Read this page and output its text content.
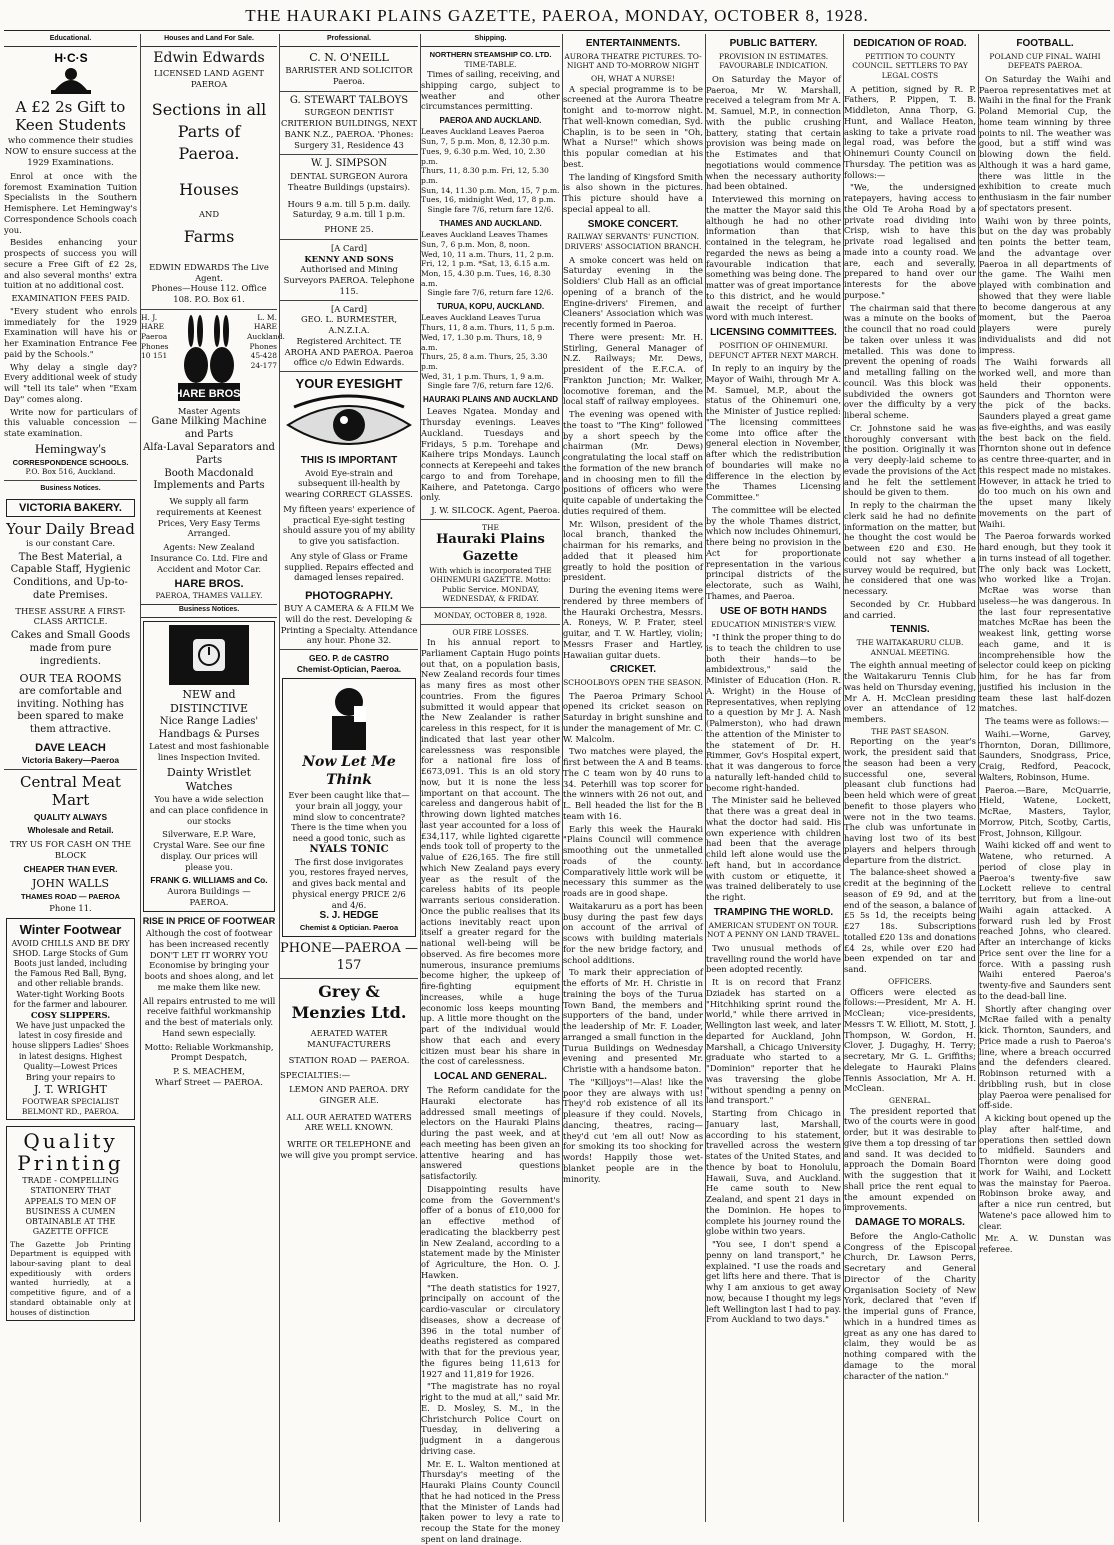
THE HAURAKI PLAINS GAZETTE, PAEROA, MONDAY, OCTOBER 8, 1928.
Educational.
H·C·S
A £2 2s Gift to Keen Students
who commence their studies NOW to ensure success at the 1929 Examinations.

Enrol at once with the foremost Examination Tuition Specialists in the Southern Hemisphere. Let Hemingway's Correspondence Schools coach you.

Besides enhancing your prospects of success you will secure a Free Gift of £2 2s, and also several months' extra tuition at no additional cost.

EXAMINATION FEES PAID.

"Every student who enrols immediately for the 1929 Examination will have his or her Examination Entrance Fee paid by the Schools."

Why delay a single day? Every additional week of study will "tell its tale" when "Exam Day" comes along.

Write now for particulars of this valuable concession — state examination.

Hemingway's
CORRESPONDENCE SCHOOLS.
P.O. Box 516, Auckland.
Business Notices.
VICTORIA BAKERY.
Your Daily Bread
is our constant Care.
The Best Material, a Capable Staff, Hygienic Conditions, and Up-to-date Premises.
THESE ASSURE A FIRST-CLASS ARTICLE.
Cakes and Small Goods made from pure ingredients.
OUR TEA ROOMS
are comfortable and inviting. Nothing has been spared to make them attractive.
DAVE LEACH
Victoria Bakery—Paeroa
Central Meat Mart
QUALITY ALWAYS
Wholesale and Retail.
TRY US FOR CASH ON THE BLOCK
CHEAPER THAN EVER.
JOHN WALLS
THAMES ROAD — PAEROA
Phone 11.
Winter Footwear
AVOID CHILLS AND BE DRY SHOD. Large Stocks of Gum Boots just landed, including the Famous Red Ball, Byng, and other reliable brands. Water-tight Working Boots for the farmer and labourer.
COSY SLIPPERS.
We have just unpacked the latest in cosy fireside and house slippers Ladies' Shoes in latest designs. Highest Quality—Lowest Prices
Bring your repairs to
J. T. WRIGHT
FOOTWEAR SPECIALIST BELMONT RD., PAEROA.
Quality Printing
TRADE - COMPELLING STATIONERY THAT APPEALS TO MEN OF BUSINESS A CUMEN OBTAINABLE AT THE GAZETTE OFFICE
The Gazette Job Printing Department is equipped with labour-saving plant to deal expeditiously with orders wanted hurriedly, at a competitive figure, and of a standard obtainable only at houses of distinction
Houses and Land For Sale.
Edwin Edwards
LICENSED LAND AGENT PAEROA
Sections in all Parts of Paeroa.
Houses
AND
Farms
EDWIN EDWARDS The Live Agent.
Phones—House 112. Office 108. P.O. Box 61.
H. J. HARE Paeroa Phones 10 151
HARE BROS.
L. M. HARE Auckland. Phones 45-428 24-177
Master Agents
Gane Milking Machine and Parts
Alfa-Laval Separators and Parts
Booth Macdonald Implements and Parts
We supply all farm requirements at Keenest Prices, Very Easy Terms Arranged.
Agents: New Zealand Insurance Co. Ltd. Fire and Accident and Motor Car.
HARE BROS.
PAEROA, THAMES VALLEY.
Business Notices.
NEW and DISTINCTIVE
Nice Range Ladies' Handbags & Purses
Latest and most fashionable lines Inspection Invited.
Dainty Wristlet Watches
You have a wide selection and can place confidence in our stocks
Silverware, E.P. Ware, Crystal Ware. See our fine display. Our prices will please you.
FRANK G. WILLIAMS and Co.
Aurora Buildings — PAEROA.
RISE IN PRICE OF FOOTWEAR
Although the cost of footwear has been increased recently DON'T LET IT WORRY YOU Economise by bringing your boots and shoes along, and let me make them like new.
All repairs entrusted to me will receive faithful workmanship and the best of materials only. Hand sewn especially.
Motto: Reliable Workmanship, Prompt Despatch,
P. S. MEACHEM,
Wharf Street — PAEROA.
Professional.
C. N. O'NEILL
BARRISTER AND SOLICITOR Paeroa.
G. STEWART TALBOYS
SURGEON DENTIST CRITERION BUILDINGS, NEXT BANK N.Z., PAEROA. 'Phones: Surgery 31, Residence 43
W. J. SIMPSON
DENTAL SURGEON Aurora Theatre Buildings (upstairs).
Hours 9 a.m. till 5 p.m. daily. Saturday, 9 a.m. till 1 p.m.
PHONE 25.
[A Card]
KENNY AND SONS
Authorised and Mining Surveyors PAEROA. Telephone 115.
[A Card]
GEO. L. BURMESTER, A.N.Z.I.A.
Registered Architect. TE AROHA AND PAEROA. Paeroa office c/o Edwin Edwards.
YOUR EYESIGHT
THIS IS IMPORTANT
Avoid Eye-strain and subsequent ill-health by wearing CORRECT GLASSES.
My fifteen years' experience of practical Eye-sight testing should assure you of my ability to give you satisfaction.
Any style of Glass or Frame supplied. Repairs effected and damaged lenses repaired.
PHOTOGRAPHY.
BUY A CAMERA & A FILM We will do the rest. Developing & Printing a Specialty. Attendance any hour. Phone 32.
GEO. P. de CASTRO
Chemist-Optician, Paeroa.
Now Let Me Think
Ever been caught like that—your brain all joggy, your mind slow to concentrate? There is the time when you need a good tonic, such as
NYALS TONIC
The first dose invigorates you, restores frayed nerves, and gives back mental and physical energy PRICE 2/6 and 4/6.
S. J. HEDGE
Chemist & Optician. Paeroa
PHONE—PAEROA — 157
Grey & Menzies Ltd.
AERATED WATER MANUFACTURERS
STATION ROAD — PAEROA.
SPECIALTIES:—
LEMON AND PAEROA. DRY GINGER ALE.
ALL OUR AERATED WATERS ARE WELL KNOWN.
WRITE OR TELEPHONE and we will give you prompt service.
Shipping.
NORTHERN STEAMSHIP CO. LTD.
TIME-TABLE.

Times of sailing, receiving, and shipping cargo, subject to weather and other circumstances permitting.

PAEROA AND AUCKLAND.
Leaves Auckland Leaves Paeroa
Sun, 7, 5 p.m. Mon, 8, 12.30 p.m.
Tues, 9, 6.30 p.m. Wed, 10, 2.30 p.m.
Thurs, 11, 8.30 p.m. Fri, 12, 5.30 p.m.
Sun, 14, 11.30 p.m. Mon, 15, 7 p.m.
Tues, 16, midnight Wed, 17, 8 p.m.
Single fare 7/6, return fare 12/6.
THAMES AND AUCKLAND.
Leaves Auckland Leaves Thames
Sun, 7, 6 p.m. Mon, 8, noon.
Wed, 10, 11 a.m. Thurs, 11, 2 p.m.
Fri, 12, 1 p.m. *Sat, 13, 6.15 a.m.
Mon, 15, 4.30 p.m. Tues, 16, 8.30 a.m.
Single fare 7/6, return fare 12/6.
TURUA, KOPU, AUCKLAND.
Leaves Auckland Leaves Turua
Thurs, 11, 8 a.m. Thurs, 11, 5 p.m.
Wed, 17, 1.30 p.m. Thurs, 18, 9 a.m.
Thurs, 25, 8 a.m. Thurs, 25, 3.30 p.m.
Wed, 31, 1 p.m. Thurs, 1, 9 a.m.
Single fare 7/6, return fare 12/6.
HAURAKI PLAINS AND AUCKLAND

Leaves Ngatea. Monday and Thursday evenings. Leaves Auckland. Tuesdays and Fridays, 5 p.m. Torehape and Kaihere trips Mondays. Launch connects at Kerepeehi and takes cargo to and from Torehape, Kaihere, and Patetonga. Cargo only.

J. W. SILCOCK. Agent, Paeroa.
THE
Hauraki Plains Gazette
With which is incorporated THE OHINEMURI GAZETTE. Motto: Public Service. MONDAY, WEDNESDAY, & FRIDAY.
MONDAY, OCTOBER 8, 1928.
OUR FIRE LOSSES.

In his annual report to Parliament Captain Hugo points out that, on a population basis, New Zealand records four times as many fires as most other countries. From the figures submitted it would appear that the New Zealander is rather careless in this respect, for it is indicated that last year other carelessness was responsible for a national fire loss of £673,091. This is an old story now, but it is none the less important on that account. The careless and dangerous habit of throwing down lighted matches last year accounted for a loss of £34,117, while lighted cigarette ends took toll of property to the value of £26,165. The fire still which New Zealand pays every year as the result of the careless habits of its people warrants serious consideration. Once the public realises that its actions inevitably react upon itself a greater regard for the national well-being will be observed. As fire becomes more numerous, insurance premiums become higher, the upkeep of fire-fighting equipment increases, while a huge economic loss keeps mounting up. A little more thought on the part of the individual would show that each and every citizen must bear his share in the cost of carelessness.

LOCAL AND GENERAL.

The Reform candidate for the Hauraki electorate has addressed small meetings of electors on the Hauraki Plains during the past week, and at each meeting has been given an attentive hearing and has answered questions satisfactorily.

Disappointing results have come from the Government's offer of a bonus of £10,000 for an effective method of eradicating the blackberry pest in New Zealand, according to a statement made by the Minister of Agriculture, the Hon. O. J. Hawken.

"The death statistics for 1927, principally on account of the cardio-vascular or circulatory diseases, show a decrease of 396 in the total number of deaths registered as compared with that for the previous year, the figures being 11,613 for 1927 and 11,819 for 1926.

"The magistrate has no royal right to the mud at all," said Mr. E. D. Mosley, S. M., in the Christchurch Police Court on Tuesday, in delivering a judgment in a dangerous driving case.

Mr. E. L. Walton mentioned at Thursday's meeting of the Hauraki Plains County Council that he had noticed in the Press that the Minister of Lands had taken power to levy a rate to recoup the State for the money spent on land drainage.

ENTERTAINMENTS.
AURORA THEATRE PICTURES. TO-NIGHT AND TO-MORROW NIGHT
OH, WHAT A NURSE!

A special programme is to be screened at the Aurora Theatre tonight and to-morrow night. That well-known comedian, Syd. Chaplin, is to be seen in "Oh, What a Nurse!" which shows this popular comedian at his best.

The landing of Kingsford Smith is also shown in the pictures. This picture should have a special appeal to all.

SMOKE CONCERT.
RAILWAY SERVANTS' FUNCTION. DRIVERS' ASSOCIATION BRANCH.

A smoke concert was held on Saturday evening in the Soldiers' Club Hall as an official opening of a branch of the Engine-drivers' Firemen, and Cleaners' Association which was recently formed in Paeroa.

There were present: Mr. H. Stirling, General Manager of N.Z. Railways; Mr. Dews, president of the E.F.C.A. of Frankton Junction; Mr. Walker, locomotive foreman, and the local staff of railway employees.

The evening was opened with the toast to "The King" followed by a short speech by the chairman (Mr. Dews) congratulating the local staff on the formation of the new branch and in choosing men to fill the positions of officers who were quite capable of undertaking the duties required of them.

Mr. Wilson, president of the local branch, thanked the chairman for his remarks, and added that it pleased him greatly to hold the position of president.

During the evening items were rendered by three members of the Hauraki Orchestra, Messrs. A. Roneys, W. P. Frater, steel guitar, and T. W. Hartley, violin; Messrs Fraser and Hartley, Hawaiian guitar duets.

CRICKET.
SCHOOLBOYS OPEN THE SEASON.

The Paeroa Primary School opened its cricket season on Saturday in bright sunshine and under the management of Mr. C. W. Malcolm.

Two matches were played, the first between the A and B teams. The C team won by 40 runs to 34. Peterhill was top scorer for the winners with 26 not out, and L. Bell headed the list for the B team with 16.

Early this week the Hauraki "Plains Council will commence smoothing out the unmetalled roads of the county. Comparatively little work will be necessary this summer as the roads are in good shape.

Waitakaruru as a port has been busy during the past few days on account of the arrival of scows with building materials for the new bridge factory, and school additions.

To mark their appreciation of the efforts of Mr. H. Christie in training the boys of the Turua Town Band, the members and supporters of the band, under the leadership of Mr. F. Loader, arranged a small function in the Turua Buildings on Wednesday evening and presented Mr. Christie with a handsome baton.

The "Killjoys"!—Alas! like the poor they are always with us! They'd rob existence of all its pleasure if they could. Novels, dancing, theatres, racing—they'd cut 'em all out! Now as for smoking its too shocking for words! Happily those wet-blanket people are in the minority.

PUBLIC BATTERY.
PROVISION IN ESTIMATES. FAVOURABLE INDICATION.

On Saturday the Mayor of Paeroa, Mr W. Marshall, received a telegram from Mr A. M. Samuel, M.P., in connection with the public crushing battery, stating that certain provision was being made on the Estimates and that negotiations would commence when the necessary authority had been obtained.

Interviewed this morning on the matter the Mayor said this although he had no other information than that contained in the telegram, he regarded the news as being a favourable indication that something was being done. The matter was of great importance to this district, and he would await the receipt of further word with much interest.

LICENSING COMMITTEES.
POSITION OF OHINEMURI. DEFUNCT AFTER NEXT MARCH.

In reply to an inquiry by the Mayor of Waihi, through Mr A. M. Samuel, M.P., about the status of the Ohinemuri one, the Minister of Justice replied: "The licensing committees come into office after the general election in November, after which the redistribution of boundaries will make no difference in the election by the Thames Licensing Committee."

The committee will be elected by the whole Thames district, which now includes Ohinemuri, there being no provision in the Act for proportionate representation in the various principal districts of the electorate, such as Waihi, Thames, and Paeroa.

USE OF BOTH HANDS
EDUCATION MINISTER'S VIEW.

"I think the proper thing to do is to teach the children to use both their hands—to be ambidextrous," said the Minister of Education (Hon. R. A. Wright) in the House of Representatives, when replying to a question by Mr J. A. Nash (Palmerston), who had drawn the attention of the Minister to the statement of Dr. H. Rimmer, Gov's Hospital expert, that it was dangerous to force a naturally left-handed child to become right-handed.

The Minister said he believed that there was a great deal in what the doctor had said. His own experience with children had been that the average child left alone would use the left hand, but in accordance with custom or etiquette, it was trained deliberately to use the right.

TRAMPING THE WORLD.
AMERICAN STUDENT ON TOUR. NOT A PENNY ON LAND TRAVEL.

Two unusual methods of travelling round the world have been adopted recently.

It is on record that Franz Dziadek has started on a "Hitchhiking sprint round the world," while there arrived in Wellington last week, and later departed for Auckland, John Marshall, a Chicago University graduate who started to a "Dominion" reporter that he was traversing the globe "without spending a penny on land transport."

Starting from Chicago in January last, Marshall, according to his statement, travelled across the western states of the United States, and thence by boat to Honolulu, Hawaii, Suva, and Auckland. He came south to New Zealand, and spent 21 days in the Dominion. He hopes to complete his journey round the globe within two years.

"You see, I don't spend a penny on land transport," he explained. "I use the roads and get lifts here and there. That is why I am anxious to get away now, because I thought my legs left Wellington last I had to pay. From Auckland to two days."

DEDICATION OF ROAD.
PETITION TO COUNTY COUNCIL. SETTLERS TO PAY LEGAL COSTS

A petition, signed by R. P. Fathers, P. Pippen, T. B. Middleton, Anna Thorp, G. Hunt, and Wallace Heaton, asking to take a private road legal road, was before the Ohinemuri County Council on Thursday. The petition was as follows:—

"We, the undersigned ratepayers, having access to the Old Te Aroha Road by a private road dividing into Crisp, wish to have this private road legalised and made into a county road. We are, each and severally, prepared to hand over our interests for the above purpose."

The chairman said that there was a minute on the books of the council that no road could be taken over unless it was metalled. This was done to prevent the opening of roads and metalling falling on the council. Was this block was subdivided the owners got over the difficulty by a very liberal scheme.

Cr. Johnstone said he was thoroughly conversant with the position. Originally it was a very deeply-laid scheme to evade the provisions of the Act and he felt the settlement should be given to them.

In reply to the chairman the clerk said he had no definite information on the matter, but he thought the cost would be between £20 and £30. He could not say whether a survey would be required, but he considered that one was necessary.

Seconded by Cr. Hubbard and carried.

TENNIS.
THE WAITAKARURU CLUB. ANNUAL MEETING.

The eighth annual meeting of the Waitakaruru Tennis Club was held on Thursday evening, Mr A. H. McClean presiding over an attendance of 12 members.

THE PAST SEASON.

Reporting on the year's work, the president said that the season had been a very successful one, several pleasant club functions had been held which were of great benefit to those players who were not in the two teams. The club was unfortunate in having lost two of its best players and helpers through departure from the district.

The balance-sheet showed a credit at the beginning of the season of £9 9d, and at the end of the season, a balance of £5 5s 1d, the receipts being £27 18s. Subscriptions totalled £20 13s and donations £4 2s, while over £20 had been expended on tar and sand.

OFFICERS.

Officers were elected as follows:—President, Mr A. H. McClean; vice-presidents, Messrs T. W. Elliott, M. Stott, J. Thompson, W. Gordon, H. Clover, J. Dugaghy, H. Terry; secretary, Mr G. L. Griffiths; delegate to Hauraki Plains Tennis Association, Mr A. H. McClean.

GENERAL.

The president reported that two of the courts were in good order, but it was desirable to give them a top dressing of tar and sand. It was decided to approach the Domain Board with the suggestion that it shall price the rent equal to the amount expended on improvements.

DAMAGE TO MORALS.

Before the Anglo-Catholic Congress of the Episcopal Church, Dr. Lawson Perrs, Secretary and General Director of the Charity Organisation Society of New York, declared that "even if the imperial guns of France, which in a hundred times as great as any one has dared to claim, they would be as nothing compared with the damage to the moral character of the nation."

FOOTBALL.
POLAND CUP FINAL. WAIHI DEFEATS PAEROA.

On Saturday the Waihi and Paeroa representatives met at Waihi in the final for the Frank Poland Memorial Cup, the home team winning by three points to nil. The weather was good, but a stiff wind was blowing down the field. Although it was a hard game, there was little in the exhibition to create much enthusiasm in the fair number of spectators present.

Waihi won by three points, but on the day was probably ten points the better team, and the advantage over Paeroa in all departments of the game. The Waihi men played with combination and showed that they were liable to become dangerous at any moment, but the Paeroa players were purely individualists and did not impress.

The Waihi forwards all worked well, and more than held their opponents. Saunders and Thornton were the pick of the backs. Saunders played a great game as five-eighths, and was easily the best back on the field. Thornton shone out in defence as centre three-quarter, and in this respect made no mistakes. However, in attack he tried to do too much on his own and the upset many likely movements on the part of Waihi.

The Paeroa forwards worked hard enough, but they took it in turns instead of all together. The only back was Lockett, who worked like a Trojan. McRae was worse than useless—he was dangerous. In the last four representative matches McRae has been the weakest link, getting worse each game, and it is incomprehensible how the selector could keep on picking him, for he has far from justified his inclusion in the team these last half-dozen matches.

The teams were as follows:—

Waihi.—Worne, Garvey, Thornton, Doran, Dillimore, Saunders, Snodgrass, Price, Craig, Redford, Peacock, Walters, Robinson, Hume.

Paeroa.—Bare, McQuarrie, Hield, Watene, Lockett, McRae, Masters, Taylor, Morrow, Pitch, Scotby, Cartis, Frost, Johnson, Killgour.

Waihi kicked off and went to Watene, who returned. A period of close play in Paeroa's twenty-five saw Lockett relieve to central territory, but from a line-out Waihi again attacked. A forward rush led by Frost reached Johns, who cleared. After an interchange of kicks Price sent over the line for a force. With a passing rush Waihi entered Paeroa's twenty-five and Saunders sent to the dead-ball line.

Shortly after changing over McRae failed with a penalty kick. Thornton, Saunders, and Price made a rush to Paeroa's line, where a breach occurred and the defenders cleared. Robinson returned with a dribbling rush, but in close play Paeroa were penalised for off-side.

A kicking bout opened up the play after half-time, and operations then settled down to midfield. Saunders and Thornton were doing good work for Waihi, and Lockett was the mainstay for Paeroa. Robinson broke away, and after a nice run centred, but Watene's pace allowed him to clear.

Mr. A. W. Dunstan was referee.
